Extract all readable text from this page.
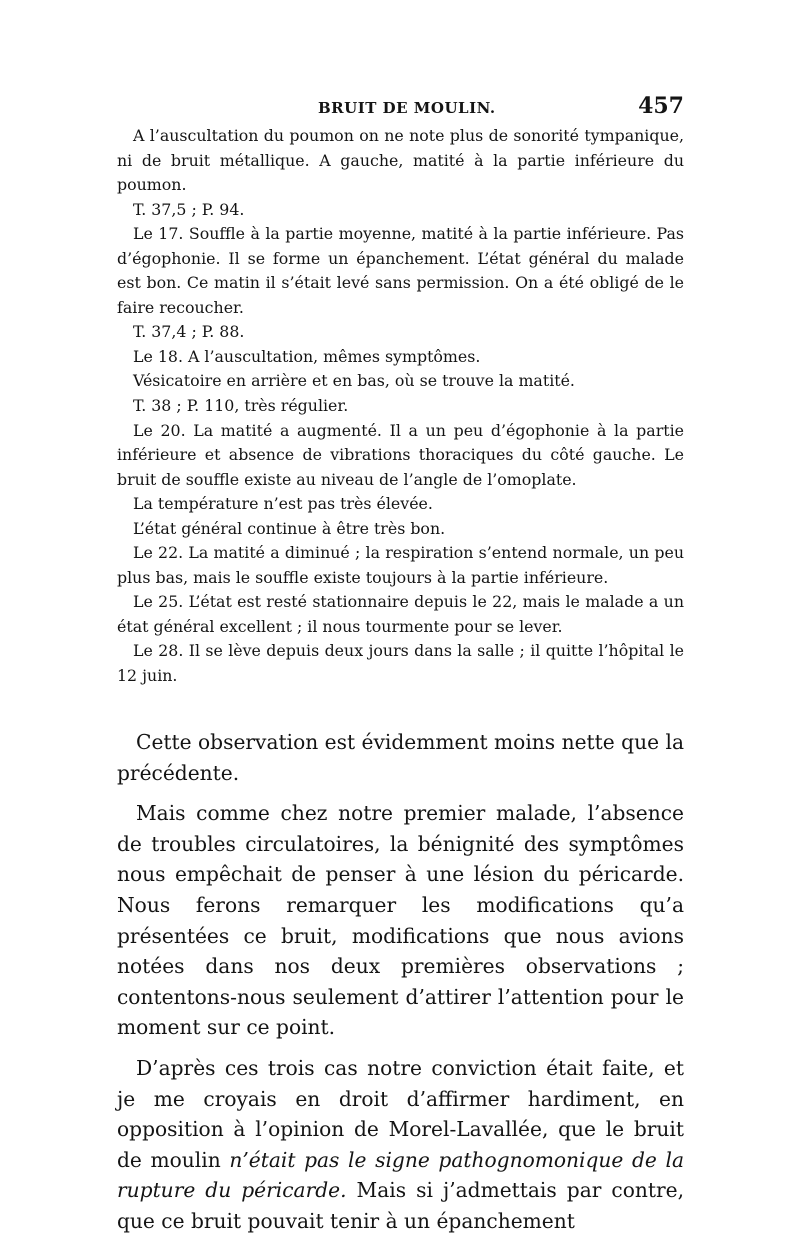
BRUIT DE MOULIN.	457

A l’auscultation du poumon on ne note plus de sonorité tympanique, ni de bruit métallique. A gauche, matité à la partie inférieure du poumon.

T. 37,5 ; P. 94.

Le 17. Souffle à la partie moyenne, matité à la partie inférieure. Pas d’égophonie. Il se forme un épanchement. L’état général du malade est bon. Ce matin il s’était levé sans permission. On a été obligé de le faire recoucher.

T. 37,4 ; P. 88.

Le 18. A l’auscultation, mêmes symptômes.

Vésicatoire en arrière et en bas, où se trouve la matité.

T. 38 ; P. 110, très régulier.

Le 20. La matité a augmenté. Il a un peu d’égophonie à la partie inférieure et absence de vibrations thoraciques du côté gauche. Le bruit de souffle existe au niveau de l’angle de l’omoplate.

La température n’est pas très élevée.

L’état général continue à être très bon.

Le 22. La matité a diminué ; la respiration s’entend normale, un peu plus bas, mais le souffle existe toujours à la partie inférieure.

Le 25. L’état est resté stationnaire depuis le 22, mais le malade a un état général excellent ; il nous tourmente pour se lever.

Le 28. Il se lève depuis deux jours dans la salle ; il quitte l’hôpital le 12 juin.

Cette observation est évidemment moins nette que la précédente.

Mais comme chez notre premier malade, l’absence de troubles circulatoires, la bénignité des symptômes nous empêchait de penser à une lésion du péricarde. Nous ferons remarquer les modifications qu’a présentées ce bruit, modifications que nous avions notées dans nos deux premières observations ; contentons-nous seulement d’attirer l’attention pour le moment sur ce point.

D’après ces trois cas notre conviction était faite, et je me croyais en droit d’affirmer hardiment, en opposition à l’opinion de Morel-Lavallée, que le bruit de moulin n’était pas le signe pathognomonique de la rupture du péricarde. Mais si j’admettais par contre, que ce bruit pouvait tenir à un épanchement
